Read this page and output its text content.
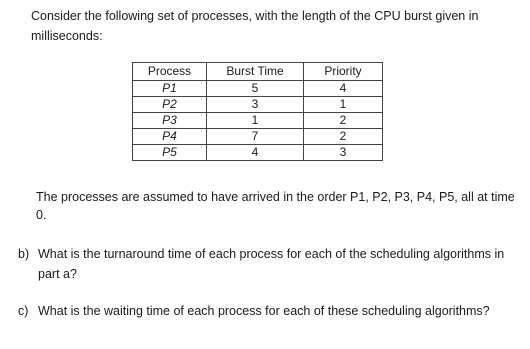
Consider the following set of processes, with the length of the CPU burst given in milliseconds:
Process	Burst Time	Priority
P1	5	4
P2	3	1
P3	1	2
P4	7	2
P5	4	3
The processes are assumed to have arrived in the order P1, P2, P3, P4, P5, all at time 0.
b) What is the turnaround time of each process for each of the scheduling algorithms in part a?
c) What is the waiting time of each process for each of these scheduling algorithms?
